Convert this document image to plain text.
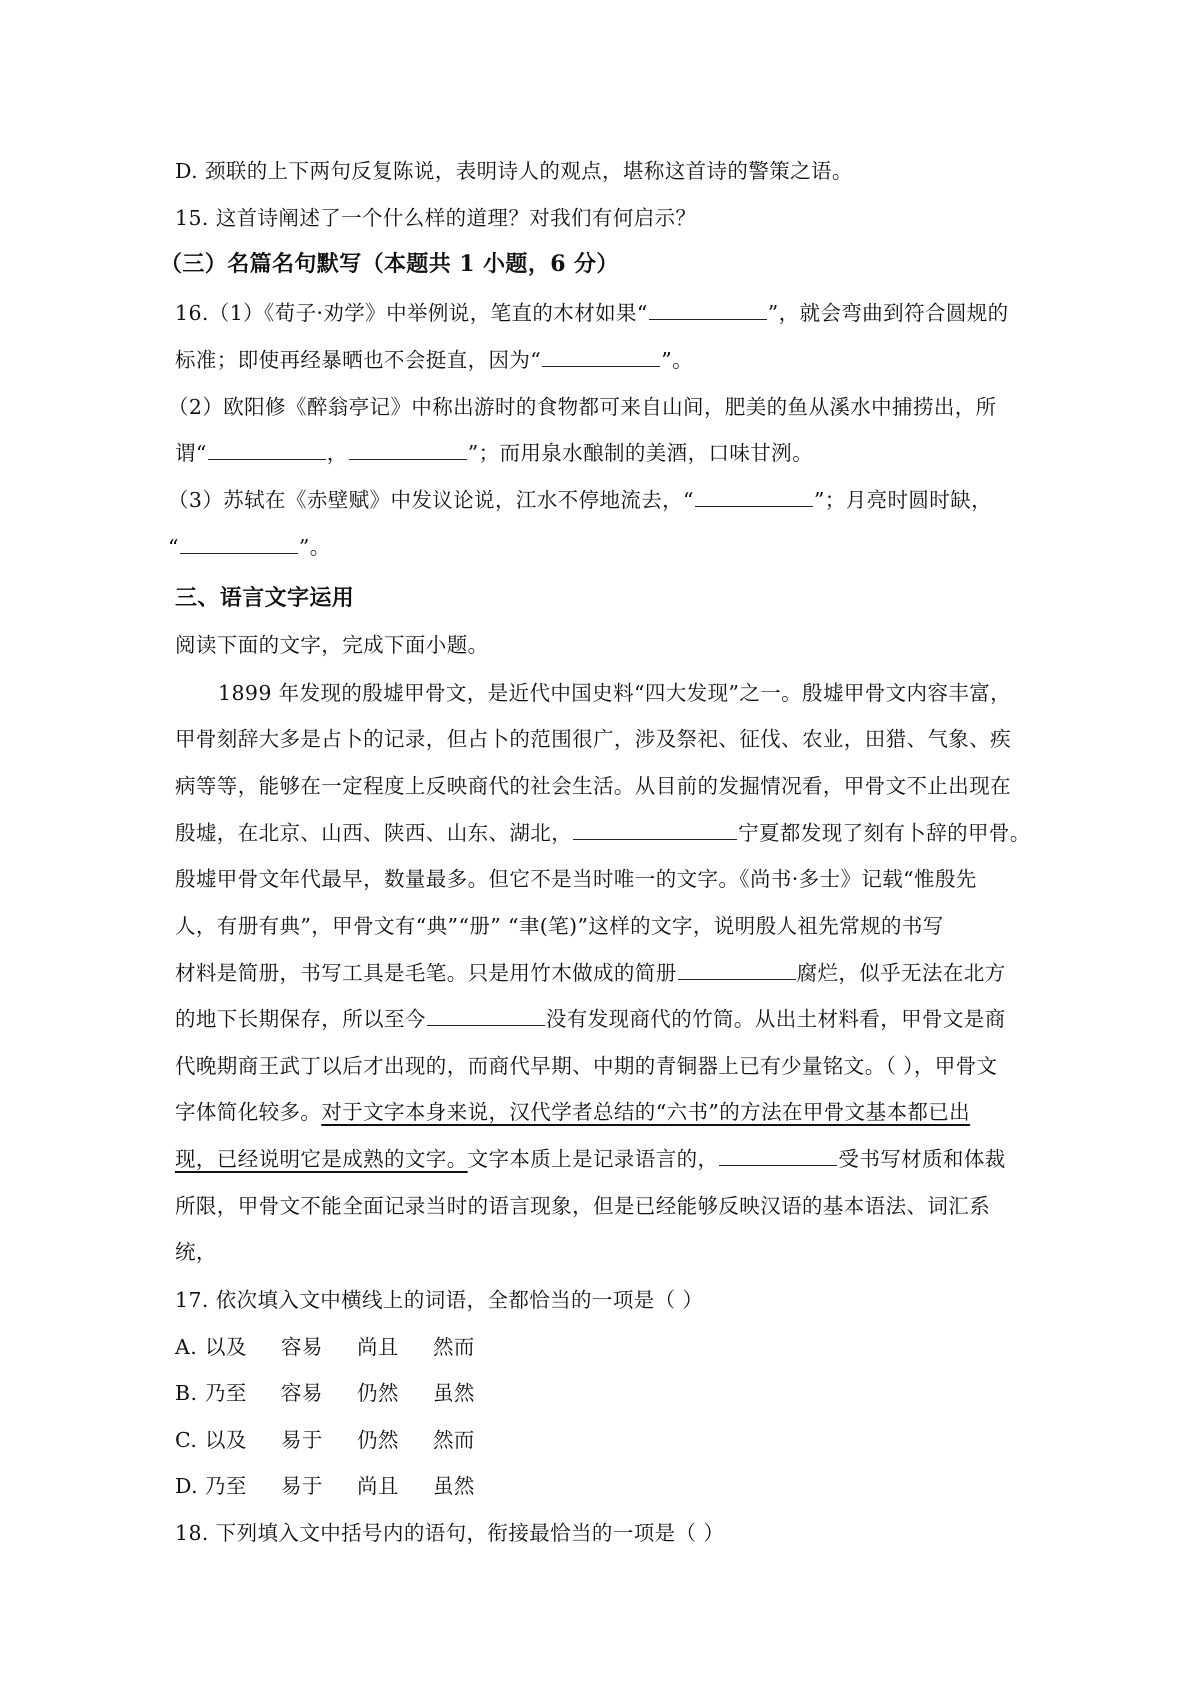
D. 颈联的上下两句反复陈说，表明诗人的观点，堪称这首诗的警策之语。
15. 这首诗阐述了一个什么样的道理？对我们有何启示？
（三）名篇名句默写（本题共 1 小题，6 分）
16.（1）《荀子·劝学》中举例说，笔直的木材如果“	”，就会弯曲到符合圆规的
标准；即使再经暴晒也不会挺直，因为“	”。
（2）欧阳修《醉翁亭记》中称出游时的食物都可来自山间，肥美的鱼从溪水中捕捞出，所
谓“	，	”；而用泉水酿制的美酒，口味甘洌。
（3）苏轼在《赤壁赋》中发议论说，江水不停地流去，“	”；月亮时圆时缺，
“	”。
三、语言文字运用
阅读下面的文字，完成下面小题。
1899 年发现的殷墟甲骨文，是近代中国史料“四大发现”之一。殷墟甲骨文内容丰富，
甲骨刻辞大多是占卜的记录，但占卜的范围很广，涉及祭祀、征伐、农业，田猎、气象、疾
病等等，能够在一定程度上反映商代的社会生活。从目前的发掘情况看，甲骨文不止出现在
殷墟，在北京、山西、陕西、山东、湖北，	宁夏都发现了刻有卜辞的甲骨。
殷墟甲骨文年代最早，数量最多。但它不是当时唯一的文字。《尚书·多士》记载“惟殷先
人，有册有典”，甲骨文有“典”“册” “聿(笔)”这样的文字，说明殷人祖先常规的书写
材料是简册，书写工具是毛笔。只是用竹木做成的简册	腐烂，似乎无法在北方
的地下长期保存，所以至今	没有发现商代的竹筒。从出土材料看，甲骨文是商
代晚期商王武丁以后才出现的，而商代早期、中期的青铜器上已有少量铭文。（ ），甲骨文
字体简化较多。对于文字本身来说，汉代学者总结的“六书”的方法在甲骨文基本都已出
现，已经说明它是成熟的文字。文字本质上是记录语言的，	受书写材质和体裁
所限，甲骨文不能全面记录当时的语言现象，但是已经能够反映汉语的基本语法、词汇系
统，
17. 依次填入文中横线上的词语，全都恰当的一项是（ ）
A. 以及 容易 尚且 然而
B. 乃至 容易 仍然 虽然
C. 以及 易于 仍然 然而
D. 乃至 易于 尚且 虽然
18. 下列填入文中括号内的语句，衔接最恰当的一项是（ ）
